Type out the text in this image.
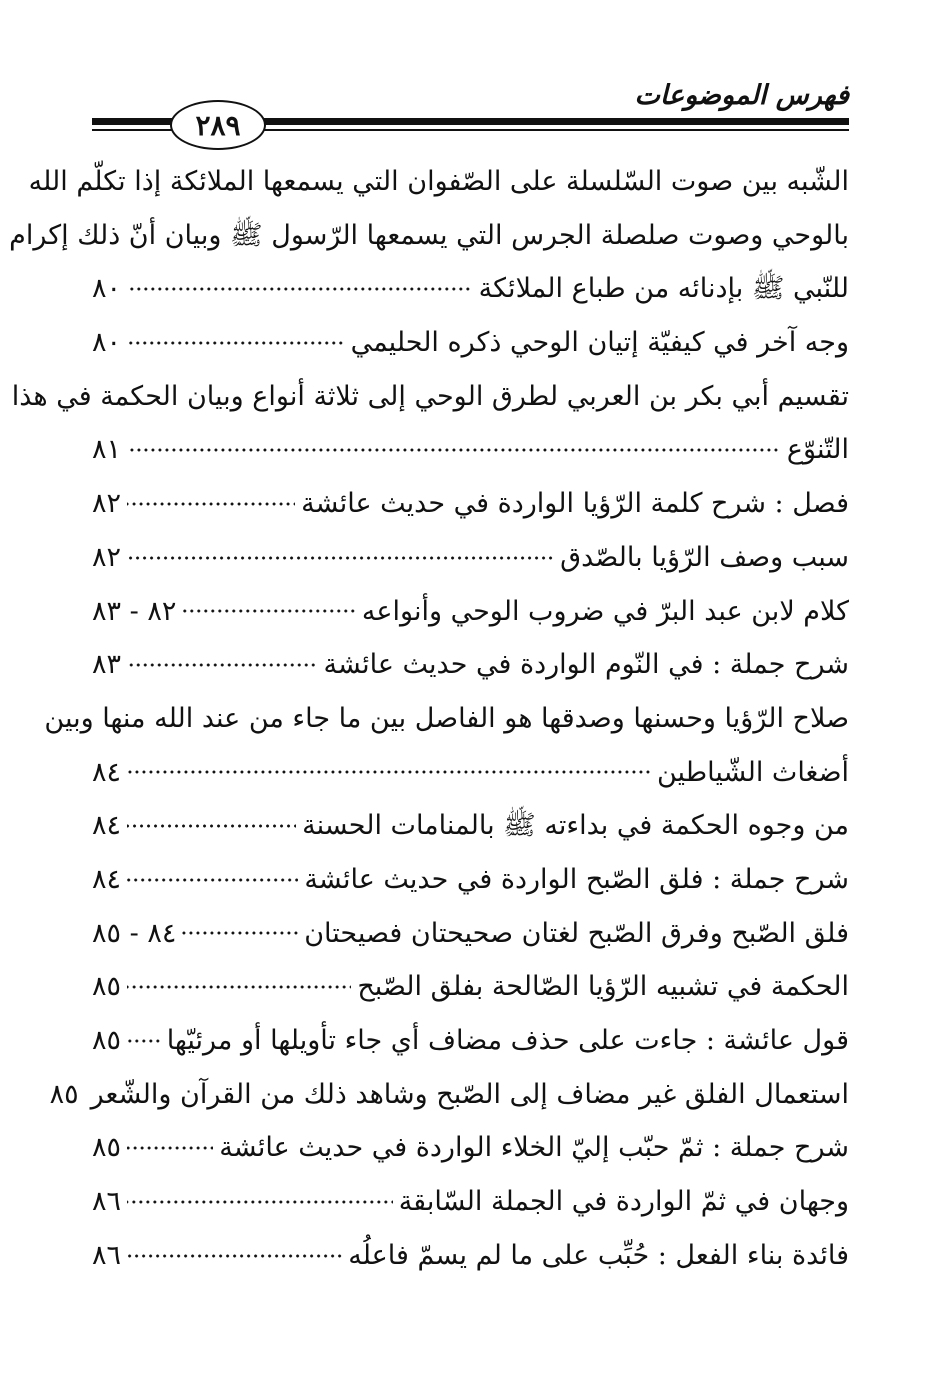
فهرس الموضوعات
٢٨٩
الشّبه بين صوت السّلسلة على الصّفوان التي يسمعها الملائكة إذا تكلّم الله
بالوحي وصوت صلصلة الجرس التي يسمعها الرّسول ﷺ وبيان أنّ ذلك إكرام
للنّبي ﷺ بإدنائه من طباع الملائكة
٨٠
وجه آخر في كيفيّة إتيان الوحي ذكره الحليمي
٨٠
تقسيم أبي بكر بن العربي لطرق الوحي إلى ثلاثة أنواع وبيان الحكمة في هذا
التّنوّع
٨١
فصل : شرح كلمة الرّؤيا الواردة في حديث عائشة
٨٢
سبب وصف الرّؤيا بالصّدق
٨٢
كلام لابن عبد البرّ في ضروب الوحي وأنواعه
٨٢ - ٨٣
شرح جملة : في النّوم الواردة في حديث عائشة
٨٣
صلاح الرّؤيا وحسنها وصدقها هو الفاصل بين ما جاء من عند الله منها وبين
أضغاث الشّياطين
٨٤
من وجوه الحكمة في بداءته ﷺ بالمنامات الحسنة
٨٤
شرح جملة : فلق الصّبح الواردة في حديث عائشة
٨٤
فلق الصّبح وفرق الصّبح لغتان صحيحتان فصيحتان
٨٤ - ٨٥
الحكمة في تشبيه الرّؤيا الصّالحة بفلق الصّبح
٨٥
قول عائشة : جاءت على حذف مضاف أي جاء تأويلها أو مرئيّها
٨٥
استعمال الفلق غير مضاف إلى الصّبح وشاهد ذلك من القرآن والشّعر
٨٥
شرح جملة : ثمّ حبّب إليّ الخلاء الواردة في حديث عائشة
٨٥
وجهان في ثمّ الواردة في الجملة السّابقة
٨٦
فائدة بناء الفعل : حُبِّب على ما لم يسمّ فاعلُه
٨٦
